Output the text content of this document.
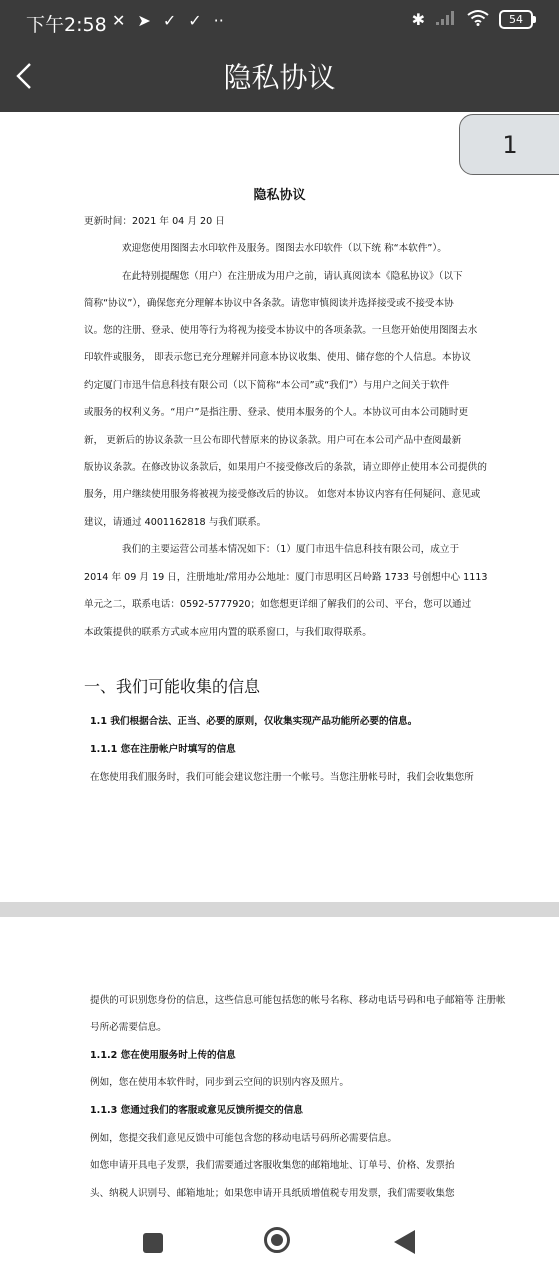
下午2:58 ✕ ➤ ✓ ✓ ··	✱	54
隐私协议
隐私协议
更新时间：2021 年 04 月 20 日
欢迎您使用图图去水印软件及服务。图图去水印软件（以下统 称“本软件”）。
在此特别提醒您（用户）在注册成为用户之前，请认真阅读本《隐私协议》（以下
简称“协议”），确保您充分理解本协议中各条款。请您审慎阅读并选择接受或不接受本协
议。您的注册、登录、使用等行为将视为接受本协议中的各项条款。一旦您开始使用图图去水
印软件或服务， 即表示您已充分理解并同意本协议收集、使用、储存您的个人信息。本协议
约定厦门市迅牛信息科技有限公司（以下简称“本公司”或“我们”）与用户之间关于软件
或服务的权利义务。“用户”是指注册、登录、使用本服务的个人。本协议可由本公司随时更
新， 更新后的协议条款一旦公布即代替原来的协议条款。用户可在本公司产品中查阅最新
版协议条款。在修改协议条款后，如果用户不接受修改后的条款，请立即停止使用本公司提供的
服务，用户继续使用服务将被视为接受修改后的协议。 如您对本协议内容有任何疑问、意见或
建议，请通过 4001162818 与我们联系。
我们的主要运营公司基本情况如下：（1）厦门市迅牛信息科技有限公司，成立于
2014 年 09 月 19 日，注册地址/常用办公地址：厦门市思明区吕岭路 1733 号创想中心 1113
单元之二，联系电话：0592-5777920；如您想更详细了解我们的公司、平台，您可以通过
本政策提供的联系方式或本应用内置的联系窗口，与我们取得联系。
一、我们可能收集的信息
1.1 我们根据合法、正当、必要的原则，仅收集实现产品功能所必要的信息。
1.1.1 您在注册帐户时填写的信息
在您使用我们服务时，我们可能会建议您注册一个帐号。当您注册帐号时，我们会收集您所
提供的可识别您身份的信息，这些信息可能包括您的帐号名称、移动电话号码和电子邮箱等 注册帐
号所必需要信息。
1.1.2 您在使用服务时上传的信息
例如，您在使用本软件时，同步到云空间的识别内容及照片。
1.1.3 您通过我们的客服或意见反馈所提交的信息
例如，您提交我们意见反馈中可能包含您的移动电话号码所必需要信息。
如您申请开具电子发票，我们需要通过客服收集您的邮箱地址、订单号、价格、发票抬
头、纳税人识别号、邮箱地址；如果您申请开具纸质增值税专用发票，我们需要收集您
1
